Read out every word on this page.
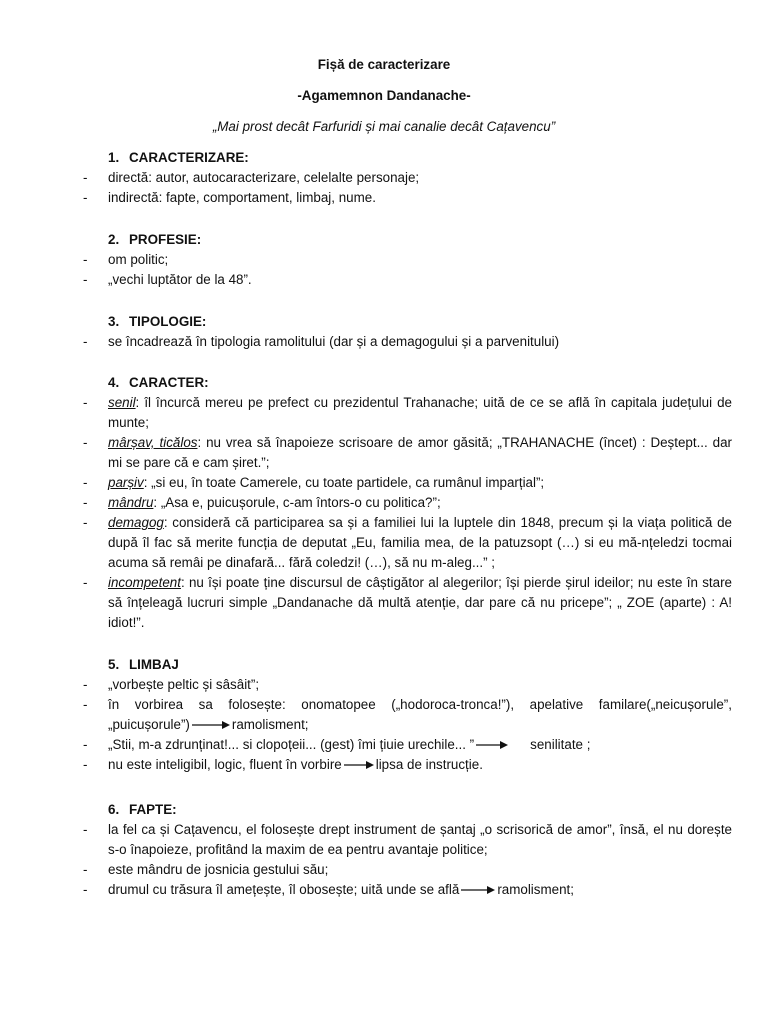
Fișă de caracterizare
-Agamemnon Dandanache-
„Mai prost decât Farfuridi și mai canalie decât Cațavencu”
1. CARACTERIZARE:
- directă: autor, autocaracterizare, celelalte personaje;
- indirectă: fapte, comportament, limbaj, nume.
2. PROFESIE:
- om politic;
- „vechi luptător de la 48”.
3. TIPOLOGIE:
- se încadrează în tipologia ramolitului (dar și a demagogului și a parvenitului)
4. CARACTER:
- senil: îl încurcă mereu pe prefect cu prezidentul Trahanache; uită de ce se află în capitala județului de munte;
- mârșav, ticălos: nu vrea să înapoieze scrisoare de amor găsită; „TRAHANACHE (încet) : Deștept... dar mi se pare că e cam șiret.”;
- parșiv: „si eu, în toate Camerele, cu toate partidele, ca rumânul imparțial”;
- mândru: „Asa e, puicușorule, c-am întors-o cu politica?”;
- demagog: consideră că participarea sa și a familiei lui la luptele din 1848, precum și la viața politică de după îl fac să merite funcția de deputat „Eu, familia mea, de la patuzsopt (…) si eu mă-nțeledzi tocmai acuma să remâi pe dinafară... fără coledzi! (…), să nu m-aleg...” ;
- incompetent: nu își poate ține discursul de câștigător al alegerilor; își pierde șirul ideilor; nu este în stare să înțeleagă lucruri simple „Dandanache dă multă atenție, dar pare că nu pricepe”; „ ZOE (aparte) : A! idiot!”.
5. LIMBAJ
- „vorbește peltic și sâsâit”;
- în vorbirea sa folosește: onomatopee („hodoroca-tronca!”), apelative familare(„neicușorule”, „puicușorule”)	ramolisment;
- „Stii, m-a zdrunținat!... si clopoțeii... (gest) îmi țiuie urechile... ”	senilitate ;
- nu este inteligibil, logic, fluent în vorbire	lipsa de instrucție.
6. FAPTE:
- la fel ca și Cațavencu, el folosește drept instrument de șantaj „o scrisorică de amor”, însă, el nu dorește s-o înapoieze, profitând la maxim de ea pentru avantaje politice;
- este mândru de josnicia gestului său;
- drumul cu trăsura îl amețește, îl obosește; uită unde se află	ramolisment;
